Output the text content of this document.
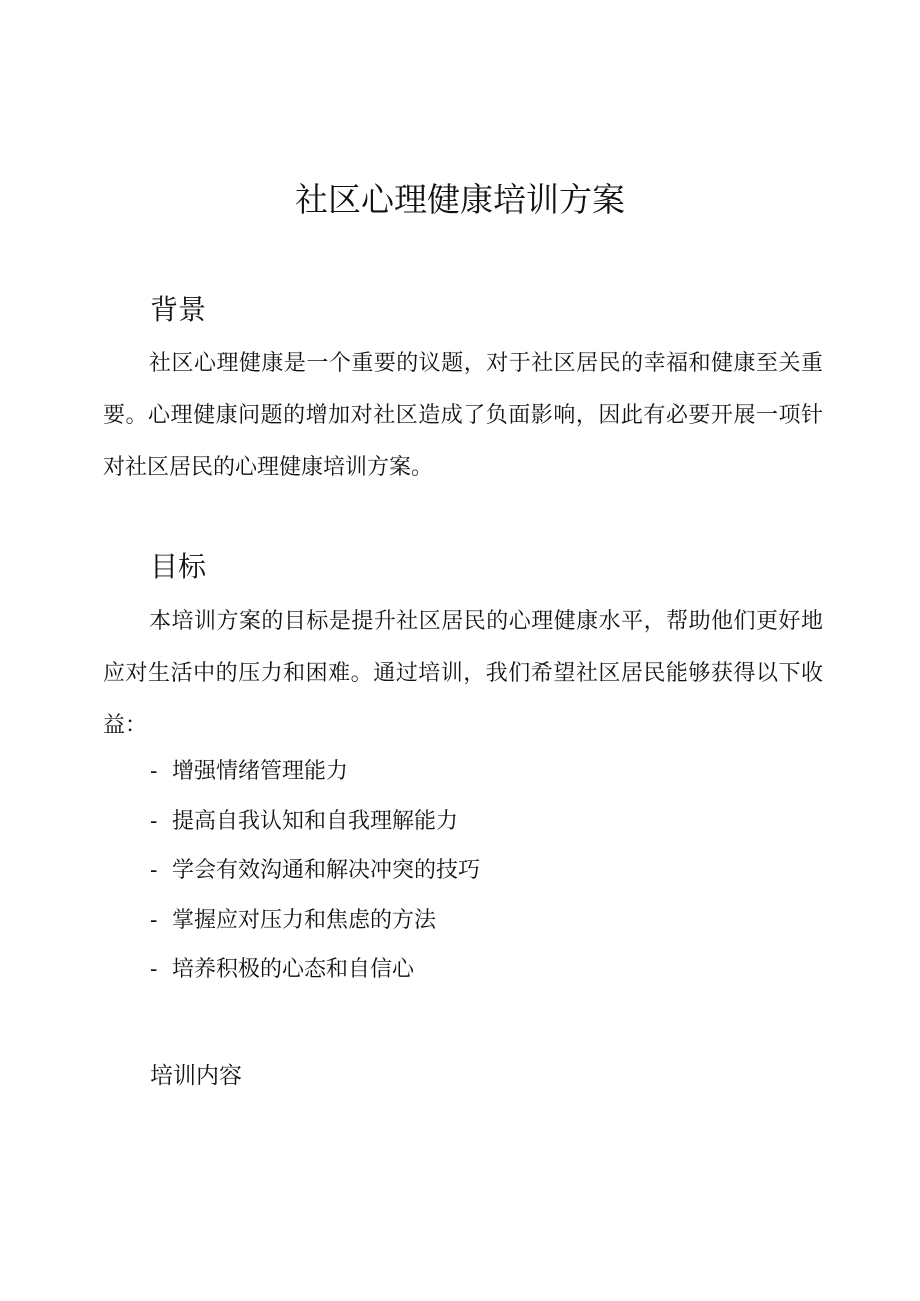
社区心理健康培训方案
背景

社区心理健康是一个重要的议题，对于社区居民的幸福和健康至关重要。心理健康问题的增加对社区造成了负面影响，因此有必要开展一项针对社区居民的心理健康培训方案。

目标

本培训方案的目标是提升社区居民的心理健康水平，帮助他们更好地应对生活中的压力和困难。通过培训，我们希望社区居民能够获得以下收益：

- 增强情绪管理能力
- 提高自我认知和自我理解能力
- 学会有效沟通和解决冲突的技巧
- 掌握应对压力和焦虑的方法
- 培养积极的心态和自信心
培训内容
